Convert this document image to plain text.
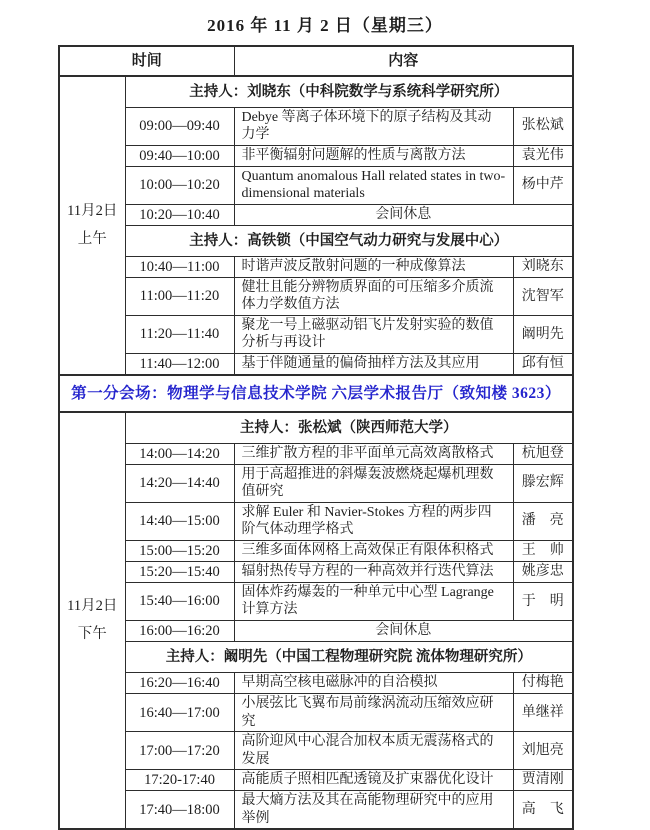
2016 年 11 月 2 日（星期三）
时间		内容	

11月2日
上午	主持人：刘晓东（中科院数学与系统科学研究所）		
	09:00—09:40	Debye 等离子体环境下的原子结构及其动力学	张松斌
	09:40—10:00	非平衡辐射问题解的性质与离散方法	袁光伟
	10:00—10:20	Quantum anomalous Hall related states in two-dimensional materials	杨中芹
	10:20—10:40	会间休息	
	主持人：高铁锁（中国空气动力研究与发展中心）		
	10:40—11:00	时谐声波反散射问题的一种成像算法	刘晓东
	11:00—11:20	健壮且能分辨物质界面的可压缩多介质流体力学数值方法	沈智军
	11:20—11:40	聚龙一号上磁驱动铝飞片发射实验的数值分析与再设计	阚明先
	11:40—12:00	基于伴随通量的偏倚抽样方法及其应用	邱有恒
第一分会场：物理学与信息技术学院 六层学术报告厅（致知楼 3623）			

11月2日
下午	主持人：张松斌（陕西师范大学）		
	14:00—14:20	三维扩散方程的非平面单元高效离散格式	杭旭登
	14:20—14:40	用于高超推进的斜爆轰波燃烧起爆机理数值研究	滕宏辉
	14:40—15:00	求解 Euler 和 Navier-Stokes 方程的两步四阶气体动理学格式	潘　亮
	15:00—15:20	三维多面体网格上高效保正有限体积格式	王　帅
	15:20—15:40	辐射热传导方程的一种高效并行迭代算法	姚彦忠
	15:40—16:00	固体炸药爆轰的一种单元中心型 Lagrange 计算方法	于　明
	16:00—16:20	会间休息	
	主持人：阚明先（中国工程物理研究院 流体物理研究所）		
	16:20—16:40	早期高空核电磁脉冲的自洽模拟	付梅艳
	16:40—17:00	小展弦比飞翼布局前缘涡流动压缩效应研究	单继祥
	17:00—17:20	高阶迎风中心混合加权本质无震荡格式的发展	刘旭亮
	17:20-17:40	高能质子照相匹配透镜及扩束器优化设计	贾清刚
	17:40—18:00	最大熵方法及其在高能物理研究中的应用举例	高　飞
